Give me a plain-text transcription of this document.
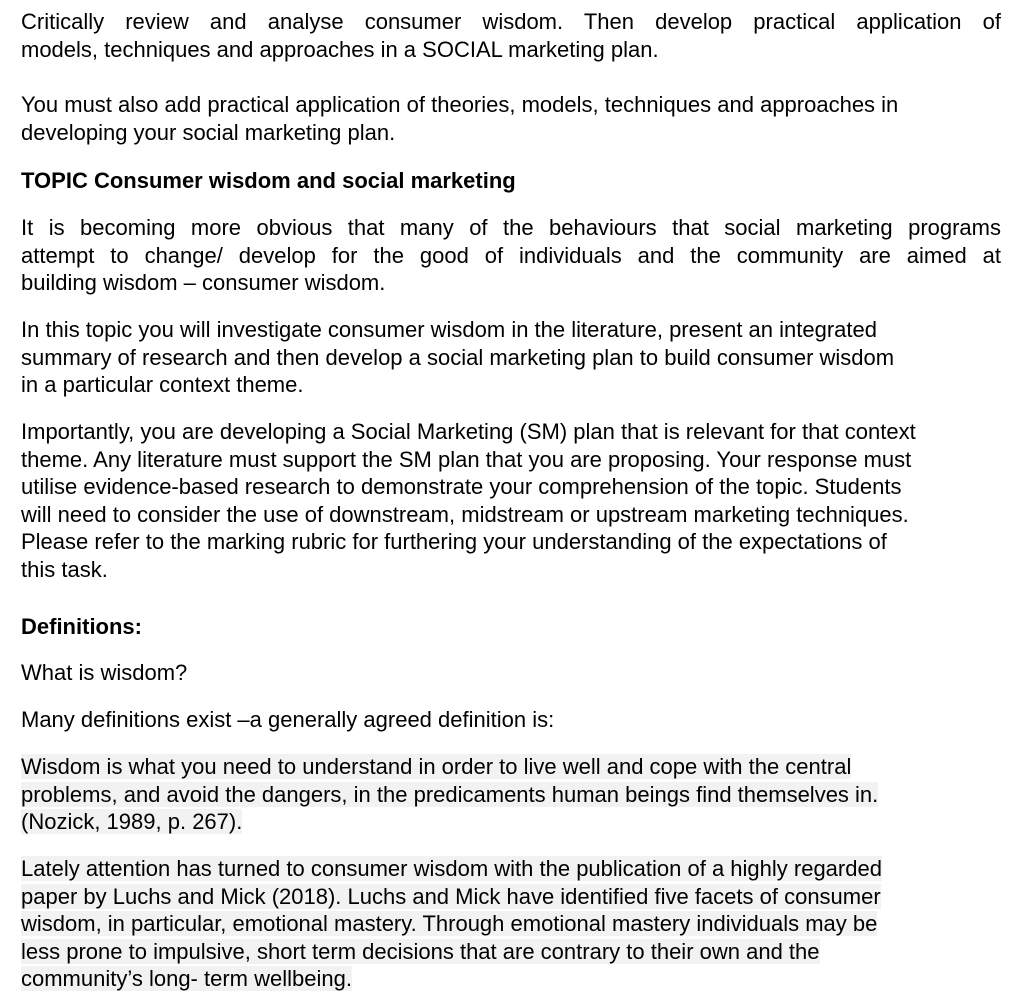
Critically review and analyse consumer wisdom. Then develop practical application of
models, techniques and approaches in a SOCIAL marketing plan.

You must also add practical application of theories, models, techniques and approaches in
developing your social marketing plan.

TOPIC Consumer wisdom and social marketing

It is becoming more obvious that many of the behaviours that social marketing programs
attempt to change/ develop for the good of individuals and the community are aimed at
building wisdom – consumer wisdom.

In this topic you will investigate consumer wisdom in the literature, present an integrated
summary of research and then develop a social marketing plan to build consumer wisdom
in a particular context theme.

Importantly, you are developing a Social Marketing (SM) plan that is relevant for that context
theme. Any literature must support the SM plan that you are proposing. Your response must
utilise evidence-based research to demonstrate your comprehension of the topic. Students
will need to consider the use of downstream, midstream or upstream marketing techniques.
Please refer to the marking rubric for furthering your understanding of the expectations of
this task.

Definitions:

What is wisdom?

Many definitions exist –a generally agreed definition is:

Wisdom is what you need to understand in order to live well and cope with the central
problems, and avoid the dangers, in the predicaments human beings find themselves in.
(Nozick, 1989, p. 267).

Lately attention has turned to consumer wisdom with the publication of a highly regarded
paper by Luchs and Mick (2018). Luchs and Mick have identified five facets of consumer
wisdom, in particular, emotional mastery. Through emotional mastery individuals may be
less prone to impulsive, short term decisions that are contrary to their own and the
community’s long- term wellbeing.
